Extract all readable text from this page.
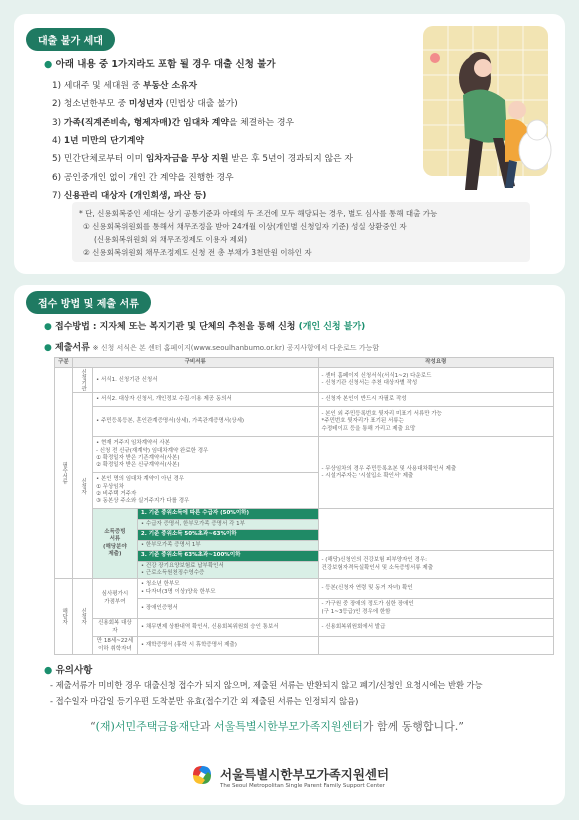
대출 불가 세대
● 아래 내용 중 1가지라도 포함 될 경우 대출 신청 불가
1) 세대주 및 세대원 중 부동산 소유자
2) 청소년한부모 중 미성년자 (민법상 대출 불가)
3) 가족(직계존비속, 형제자매)간 임대차 계약을 체결하는 경우
4) 1년 미만의 단기계약
5) 민간단체로부터 이미 임차자금을 무상 지원 받은 후 5년이 경과되지 않은 자
6) 공인중개인 없이 개인 간 계약을 진행한 경우
7) 신용관리 대상자 (개인회생, 파산 등)
* 단, 신용회복중인 세대는 상기 공통기준과 아래의 두 조건에 모두 해당되는 경우, 별도 심사를 통해 대출 가능
① 신용회복위원회를 통해서 채무조정을 받아 24개월 이상(개인별 신청일자 기준) 성실 상환중인 자
(신용회복위원회 외 채무조정제도 이용자 제외)
② 신용회복위원회 채무조정제도 신청 전 총 부채가 3천만원 이하인 자
접수 방법 및 제출 서류
● 접수방법 : 지자체 또는 복지기관 및 단체의 추천을 통해 신청 (개인 신청 불가)
● 제출서류 ※ 신청 서식은 본 센터 홈페이지(www.seoulhanbumo.or.kr) 공지사항에서 다운로드 가능함
구분	구비서류			작성요령
필수서류	신청기관	• 서식1. 신청기관 신청서		- 센터 홈페이지 신청서식(서식1~2) 다운로드
- 신청기관 신청서는 추천 대상자별 작성
	신청자	• 서식2. 대상자 신청서, 개인정보 수집·이용 제공 동의서		- 신청자 본인이 반드시 자필로 작성
		• 주민등록등본, 혼인관계증명서(상세), 가족관계증명서(상세)		- 본인 외 주민등록번호 뒷자리 미표기 서류만 가능
*주민번호 뒷자리가 표기된 서류는
수정테이프 등을 통해 가리고 제출 요망
		• 현재 거주지 임차계약서 사본
- 신청 전 신규(재계약) 임대차계약 완료한 경우
① 확정일자 받은 기존계약서(사본)
② 확정일자 받은 신규계약서(사본)		- 무상임차의 경우 주민등록초본 및 사용대차확인서 제출
- 시설거주자는 '시설입소 확인서' 제출
		• 본인 명의 임대차 계약이 아닌 경우
① 무상임차
② 비주택 거주자
③ 동본상 주소와 실거주지가 다를 경우		
		소득증빙
서류
(해당분야
제출)	1. 기준 중위소득에 따른 수급자 (50%이하)	
			• 수급자 증명서, 한부모가족 증명서 각 1부	
			2. 기준 중위소득 50%초과~63%이하	
			• 한부모가족 증명서 1부	
			3. 기준 중위소득 63%초과~100%이하	- (해당)신청인의 건강보험 피부양자인 경우:
건강보험자격득실확인서 및 소득증빙서류 제출
			• 건강 장기요양보험료 납부확인서
• 근로소득원천징수영수증	

해당자	신청자	심사평가시
가점부여	• 청소년 한부모
• 다자녀(3명 이상)양육 한부모	- 등본(신청자 연령 및 동거 자녀) 확인
			• 장애인증명서	- 가구원 중 장애의 정도가 심한 장애인
(구 1~3등급)인 경우에 한함
		신용회복 대상자	• 채무변제 상환내역 확인서, 신용회복위원회 승인 통보서	- 신용회복위원회에서 발급
		만 18세~22세 이하 취학자녀	• 재학증명서 (휴학 시 휴학증명서 제출)	
● 유의사항
- 제출서류가 미비한 경우 대출신청 접수가 되지 않으며, 제출된 서류는 반환되지 않고 폐기/신청인 요청시에는 반환 가능
- 접수일자 마감일 등기우편 도착분만 유효(접수기간 외 제출된 서류는 인정되지 않음)
“(재)서민주택금융재단과 서울특별시한부모가족지원센터가 함께 동행합니다.”
서울특별시한부모가족지원센터
The Seoul Metropolitan Single Parent Family Support Center
